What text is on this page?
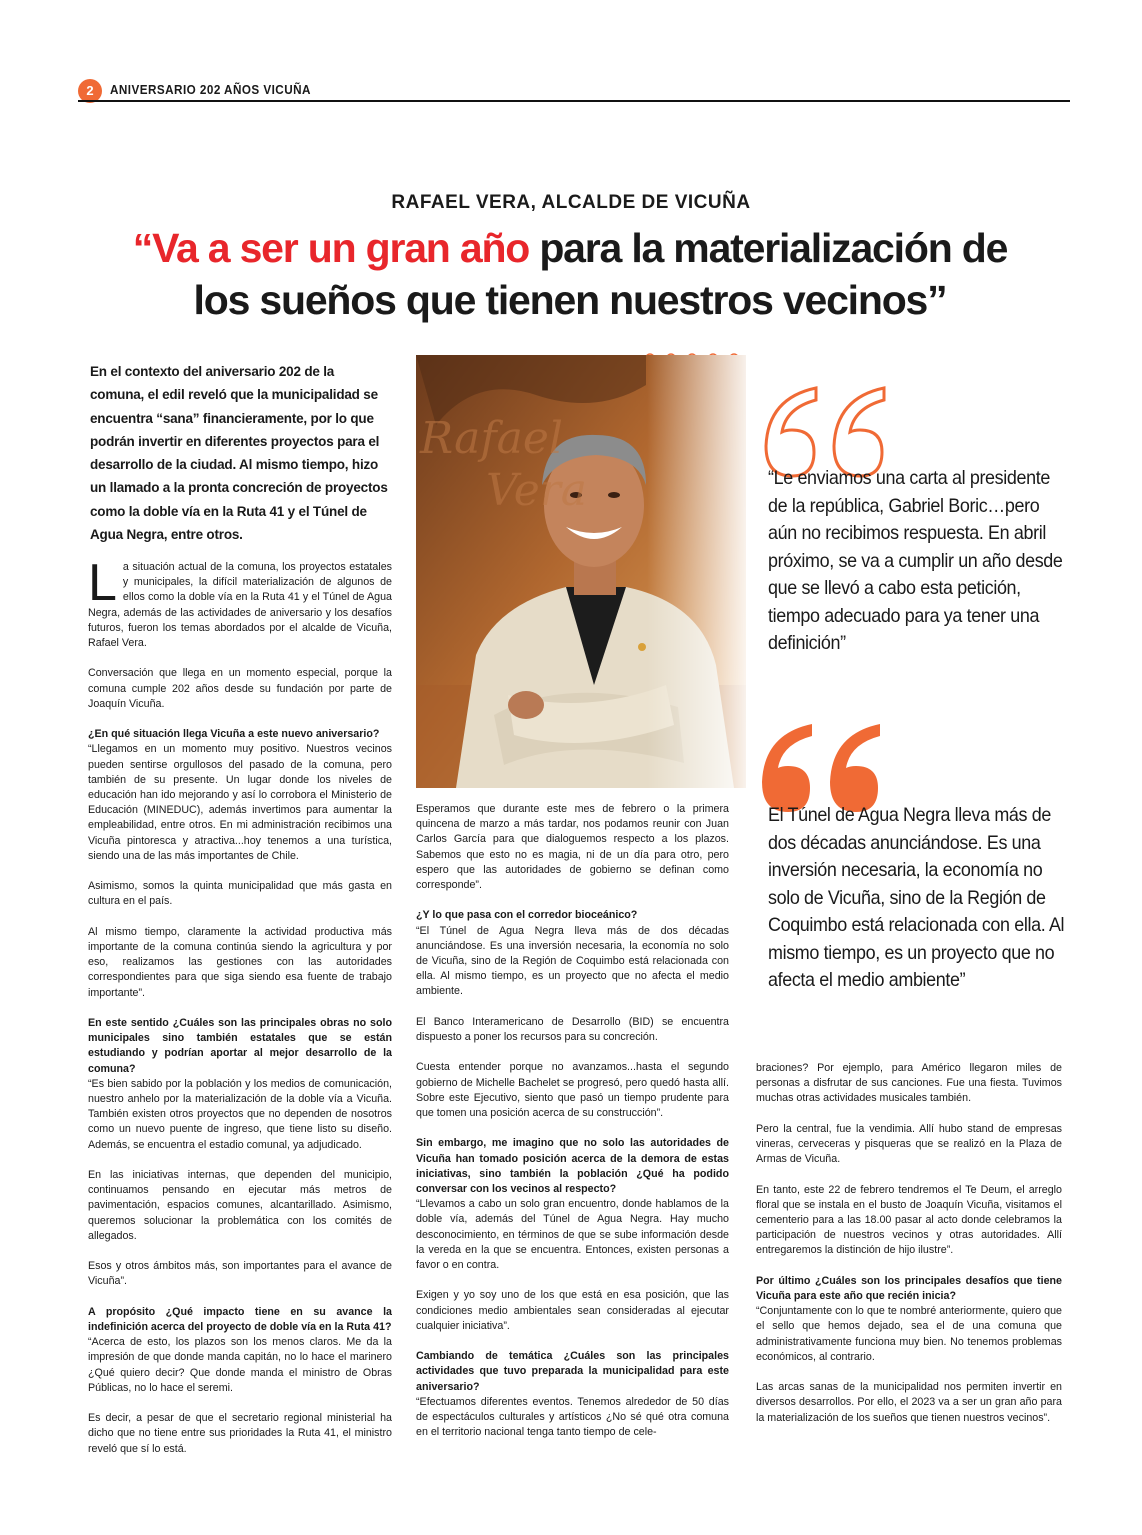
2	ANIVERSARIO 202 AÑOS VICUÑA
RAFAEL VERA, ALCALDE DE VICUÑA
“Va a ser un gran año para la materialización de
los sueños que tienen nuestros vecinos”
En el contexto del aniversario 202 de la comuna, el edil reveló que la municipalidad se encuentra “sana” financieramente, por lo que podrán invertir en diferentes proyectos para el desarrollo de la ciudad. Al mismo tiempo, hizo un llamado a la pronta concreción de proyectos como la doble vía en la Ruta 41 y el Túnel de Agua Negra, entre otros.
Rafael
Vera	“Le enviamos una carta al presidente de la república, Gabriel Boric…pero aún no recibimos respuesta. En abril próximo, se va a cumplir un año desde que se llevó a cabo esta petición, tiempo adecuado para ya tener una definición”
El Túnel de Agua Negra lleva más de dos décadas anunciándose. Es una inversión necesaria, la economía no solo de Vicuña, sino de la Región de Coquimbo está relacionada con ella. Al mismo tiempo, es un proyecto que no afecta el medio ambiente”

La situación actual de la comuna, los proyectos estatales y municipales, la difícil materialización de algunos de ellos como la doble vía en la Ruta 41 y el Túnel de Agua Negra, además de las actividades de aniversario y los desafíos futuros, fueron los temas abordados por el alcalde de Vicuña, Rafael Vera.

Conversación que llega en un momento especial, porque la comuna cumple 202 años desde su fundación por parte de Joaquín Vicuña.

¿En qué situación llega Vicuña a este nuevo aniversario?
“Llegamos en un momento muy positivo. Nuestros vecinos pueden sentirse orgullosos del pasado de la comuna, pero también de su presente. Un lugar donde los niveles de educación han ido mejorando y así lo corrobora el Ministerio de Educación (MINEDUC), además invertimos para aumentar la empleabilidad, entre otros. En mi administración recibimos una Vicuña pintoresca y atractiva...hoy tenemos a una turística, siendo una de las más importantes de Chile.

Asimismo, somos la quinta municipalidad que más gasta en cultura en el país.

Al mismo tiempo, claramente la actividad productiva más importante de la comuna continúa siendo la agricultura y por eso, realizamos las gestiones con las autoridades correspondientes para que siga siendo esa fuente de trabajo importante”.

En este sentido ¿Cuáles son las principales obras no solo municipales sino también estatales que se están estudiando y podrían aportar al mejor desarrollo de la comuna?
“Es bien sabido por la población y los medios de comunicación, nuestro anhelo por la materialización de la doble vía a Vicuña. También existen otros proyectos que no dependen de nosotros como un nuevo puente de ingreso, que tiene listo su diseño. Además, se encuentra el estadio comunal, ya adjudicado.

En las iniciativas internas, que dependen del municipio, continuamos pensando en ejecutar más metros de pavimentación, espacios comunes, alcantarillado. Asimismo, queremos solucionar la problemática con los comités de allegados.

Esos y otros ámbitos más, son importantes para el avance de Vicuña”.

A propósito ¿Qué impacto tiene en su avance la indefinición acerca del proyecto de doble vía en la Ruta 41?
“Acerca de esto, los plazos son los menos claros. Me da la impresión de que donde manda capitán, no lo hace el marinero ¿Qué quiero decir? Que donde manda el ministro de Obras Públicas, no lo hace el seremi.

Es decir, a pesar de que el secretario regional ministerial ha dicho que no tiene entre sus prioridades la Ruta 41, el ministro reveló que sí lo está.

Esperamos que durante este mes de febrero o la primera quincena de marzo a más tardar, nos podamos reunir con Juan Carlos García para que dialoguemos respecto a los plazos. Sabemos que esto no es magia, ni de un día para otro, pero espero que las autoridades de gobierno se definan como corresponde”.

¿Y lo que pasa con el corredor bioceánico?
“El Túnel de Agua Negra lleva más de dos décadas anunciándose. Es una inversión necesaria, la economía no solo de Vicuña, sino de la Región de Coquimbo está relacionada con ella. Al mismo tiempo, es un proyecto que no afecta el medio ambiente.

El Banco Interamericano de Desarrollo (BID) se encuentra dispuesto a poner los recursos para su concreción.

Cuesta entender porque no avanzamos...hasta el segundo gobierno de Michelle Bachelet se progresó, pero quedó hasta allí. Sobre este Ejecutivo, siento que pasó un tiempo prudente para que tomen una posición acerca de su construcción”.

Sin embargo, me imagino que no solo las autoridades de Vicuña han tomado posición acerca de la demora de estas iniciativas, sino también la población ¿Qué ha podido conversar con los vecinos al respecto?
“Llevamos a cabo un solo gran encuentro, donde hablamos de la doble vía, además del Túnel de Agua Negra. Hay mucho desconocimiento, en términos de que se sube información desde la vereda en la que se encuentra. Entonces, existen personas a favor o en contra.

Exigen y yo soy uno de los que está en esa posición, que las condiciones medio ambientales sean consideradas al ejecutar cualquier iniciativa”.

Cambiando de temática ¿Cuáles son las principales actividades que tuvo preparada la municipalidad para este aniversario?
“Efectuamos diferentes eventos. Tenemos alrededor de 50 días de espectáculos culturales y artísticos ¿No sé qué otra comuna en el territorio nacional tenga tanto tiempo de cele-

braciones? Por ejemplo, para Américo llegaron miles de personas a disfrutar de sus canciones. Fue una fiesta. Tuvimos muchas otras actividades musicales también.

Pero la central, fue la vendimia. Allí hubo stand de empresas vineras, cerveceras y pisqueras que se realizó en la Plaza de Armas de Vicuña.

En tanto, este 22 de febrero tendremos el Te Deum, el arreglo floral que se instala en el busto de Joaquín Vicuña, visitamos el cementerio para a las 18.00 pasar al acto donde celebramos la participación de nuestros vecinos y otras autoridades. Allí entregaremos la distinción de hijo ilustre”.

Por último ¿Cuáles son los principales desafíos que tiene Vicuña para este año que recién inicia?
“Conjuntamente con lo que te nombré anteriormente, quiero que el sello que hemos dejado, sea el de una comuna que administrativamente funciona muy bien. No tenemos problemas económicos, al contrario.

Las arcas sanas de la municipalidad nos permiten invertir en diversos desarrollos. Por ello, el 2023 va a ser un gran año para la materialización de los sueños que tienen nuestros vecinos”.
